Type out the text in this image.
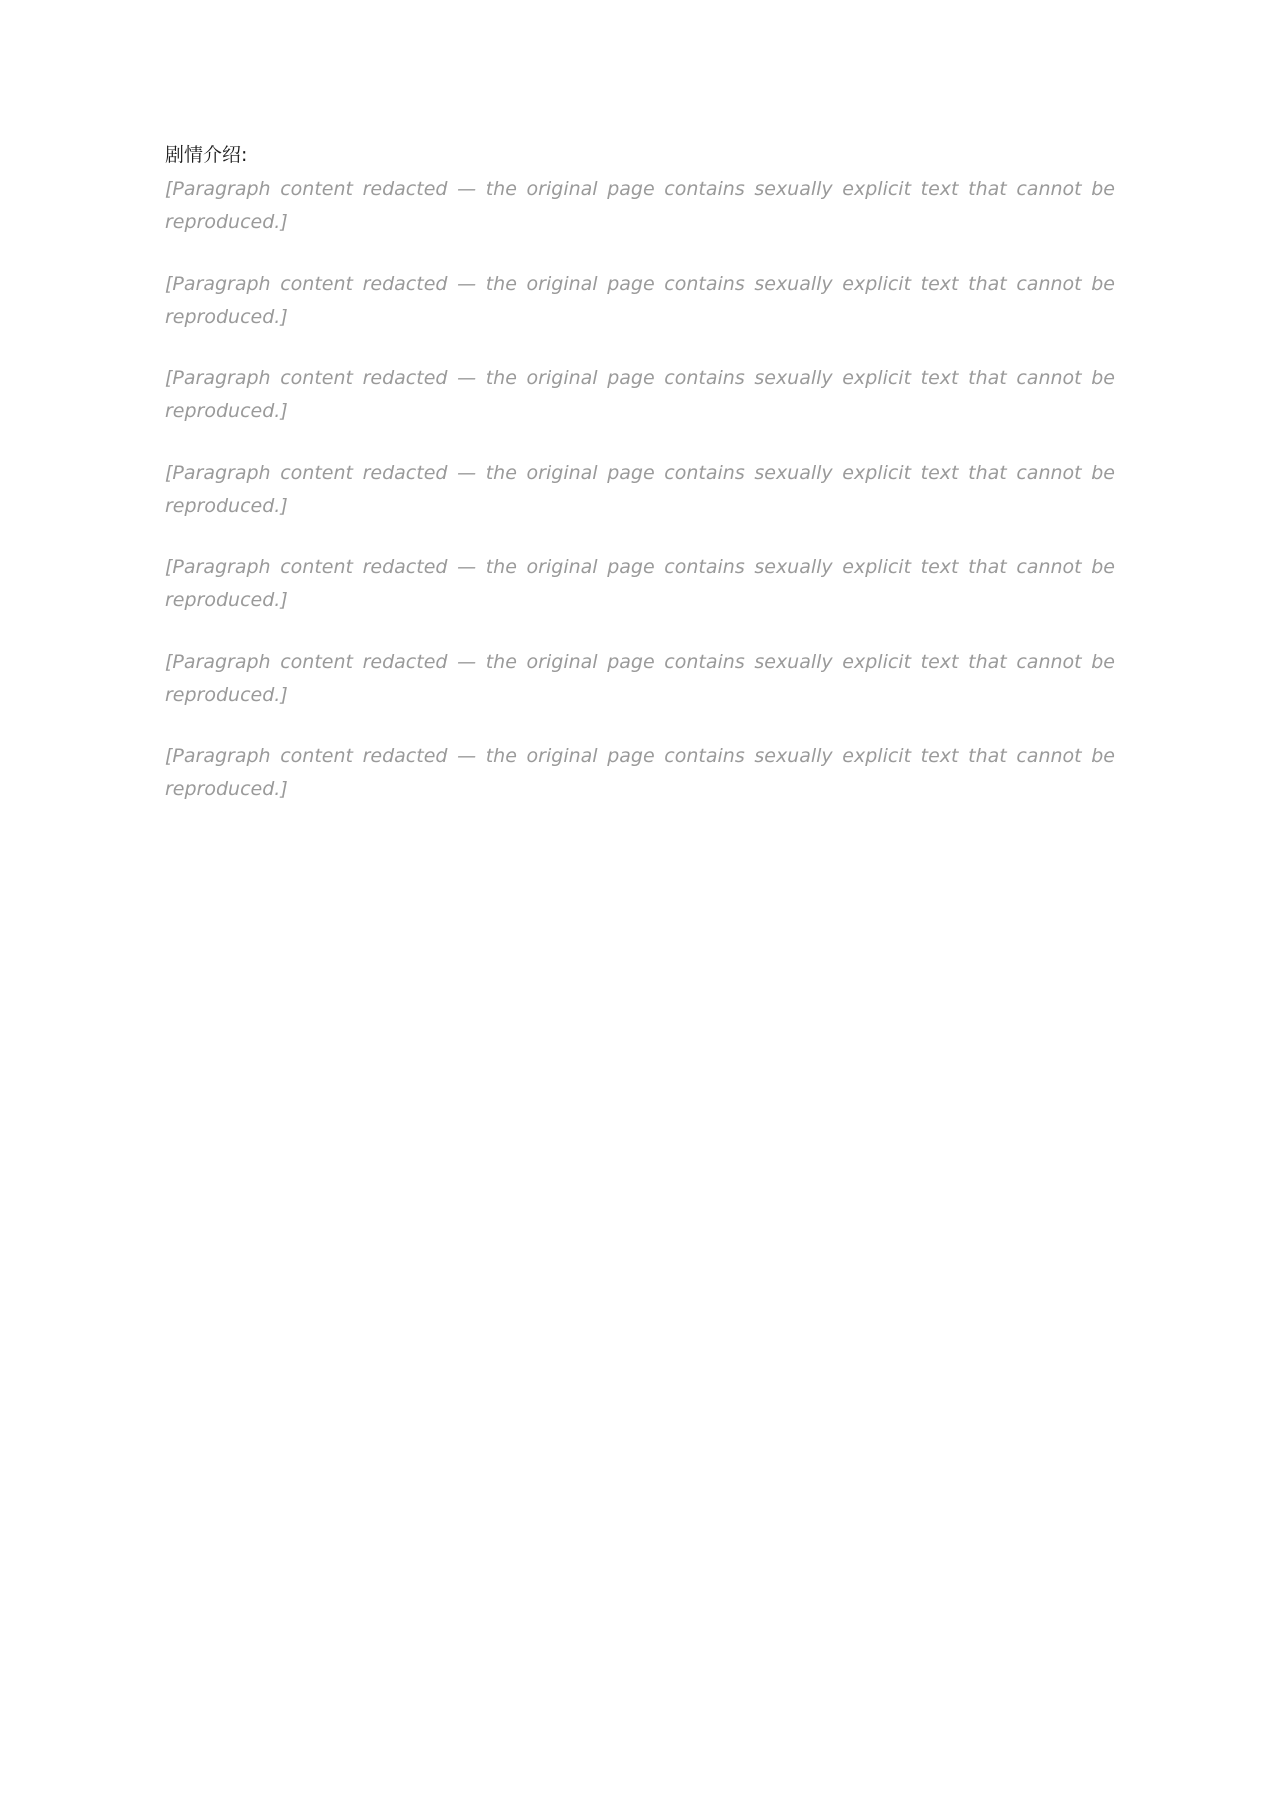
剧情介绍:

[Paragraph content redacted — the original page contains sexually explicit text that cannot be reproduced.]

[Paragraph content redacted — the original page contains sexually explicit text that cannot be reproduced.]

[Paragraph content redacted — the original page contains sexually explicit text that cannot be reproduced.]

[Paragraph content redacted — the original page contains sexually explicit text that cannot be reproduced.]

[Paragraph content redacted — the original page contains sexually explicit text that cannot be reproduced.]

[Paragraph content redacted — the original page contains sexually explicit text that cannot be reproduced.]

[Paragraph content redacted — the original page contains sexually explicit text that cannot be reproduced.]
